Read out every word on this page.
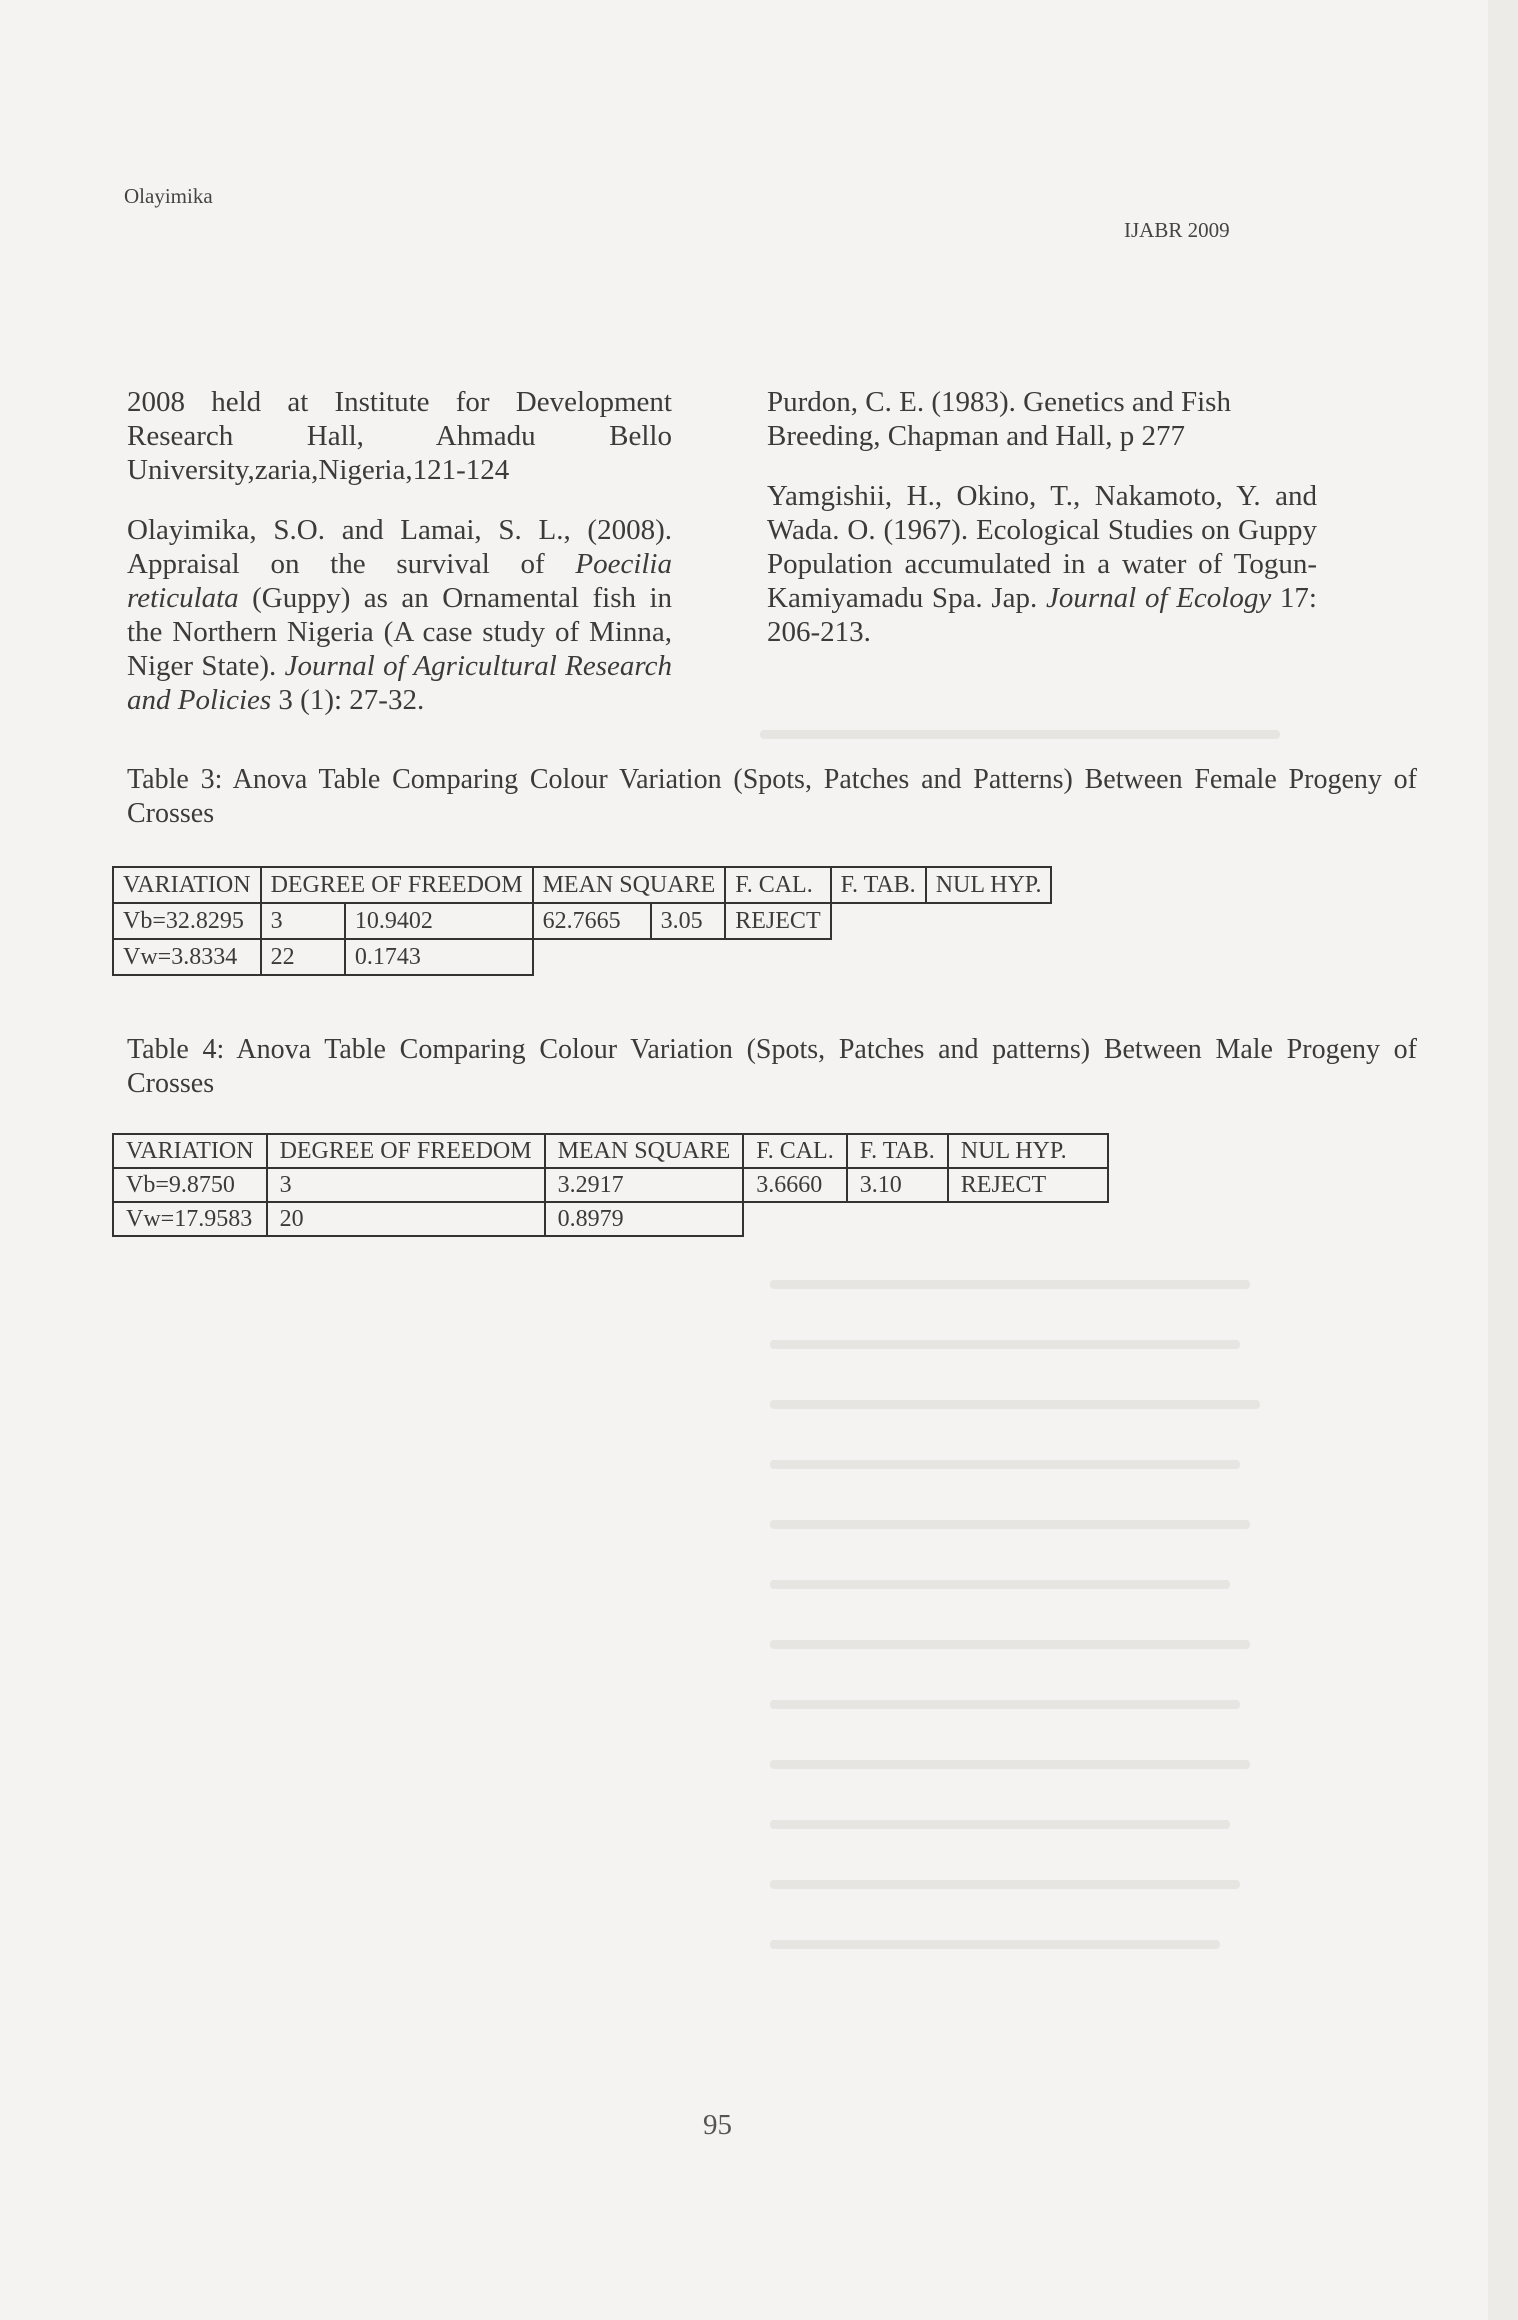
Olayimika
IJABR 2009

2008 held at Institute for Development Research Hall, Ahmadu Bello University,zaria,Nigeria,121-124

Olayimika, S.O. and Lamai, S. L., (2008). Appraisal on the survival of Poecilia reticulata (Guppy) as an Ornamental fish in the Northern Nigeria (A case study of Minna, Niger State). Journal of Agricultural Research and Policies 3 (1): 27-32.

Purdon, C. E. (1983). Genetics and Fish
Breeding, Chapman and Hall, p 277

Yamgishii, H., Okino, T., Nakamoto, Y. and Wada. O. (1967). Ecological Studies on Guppy Population accumulated in a water of Togun- Kamiyamadu Spa. Jap. Journal of Ecology 17: 206-213.

Table 3: Anova Table Comparing Colour Variation (Spots, Patches and Patterns) Between Female Progeny of Crosses
VARIATION	DEGREE OF FREEDOM		MEAN SQUARE		F. CAL.	F. TAB.	NUL HYP.
Vb=32.8295	3	10.9402	62.7665	3.05	REJECT		
Vw=3.8334	22	0.1743					
Table 4: Anova Table Comparing Colour Variation (Spots, Patches and patterns) Between Male Progeny of Crosses
VARIATION	DEGREE OF FREEDOM	MEAN SQUARE	F. CAL.	F. TAB.	NUL HYP.
Vb=9.8750	3	3.2917	3.6660	3.10	REJECT
Vw=17.9583	20	0.8979			
95
